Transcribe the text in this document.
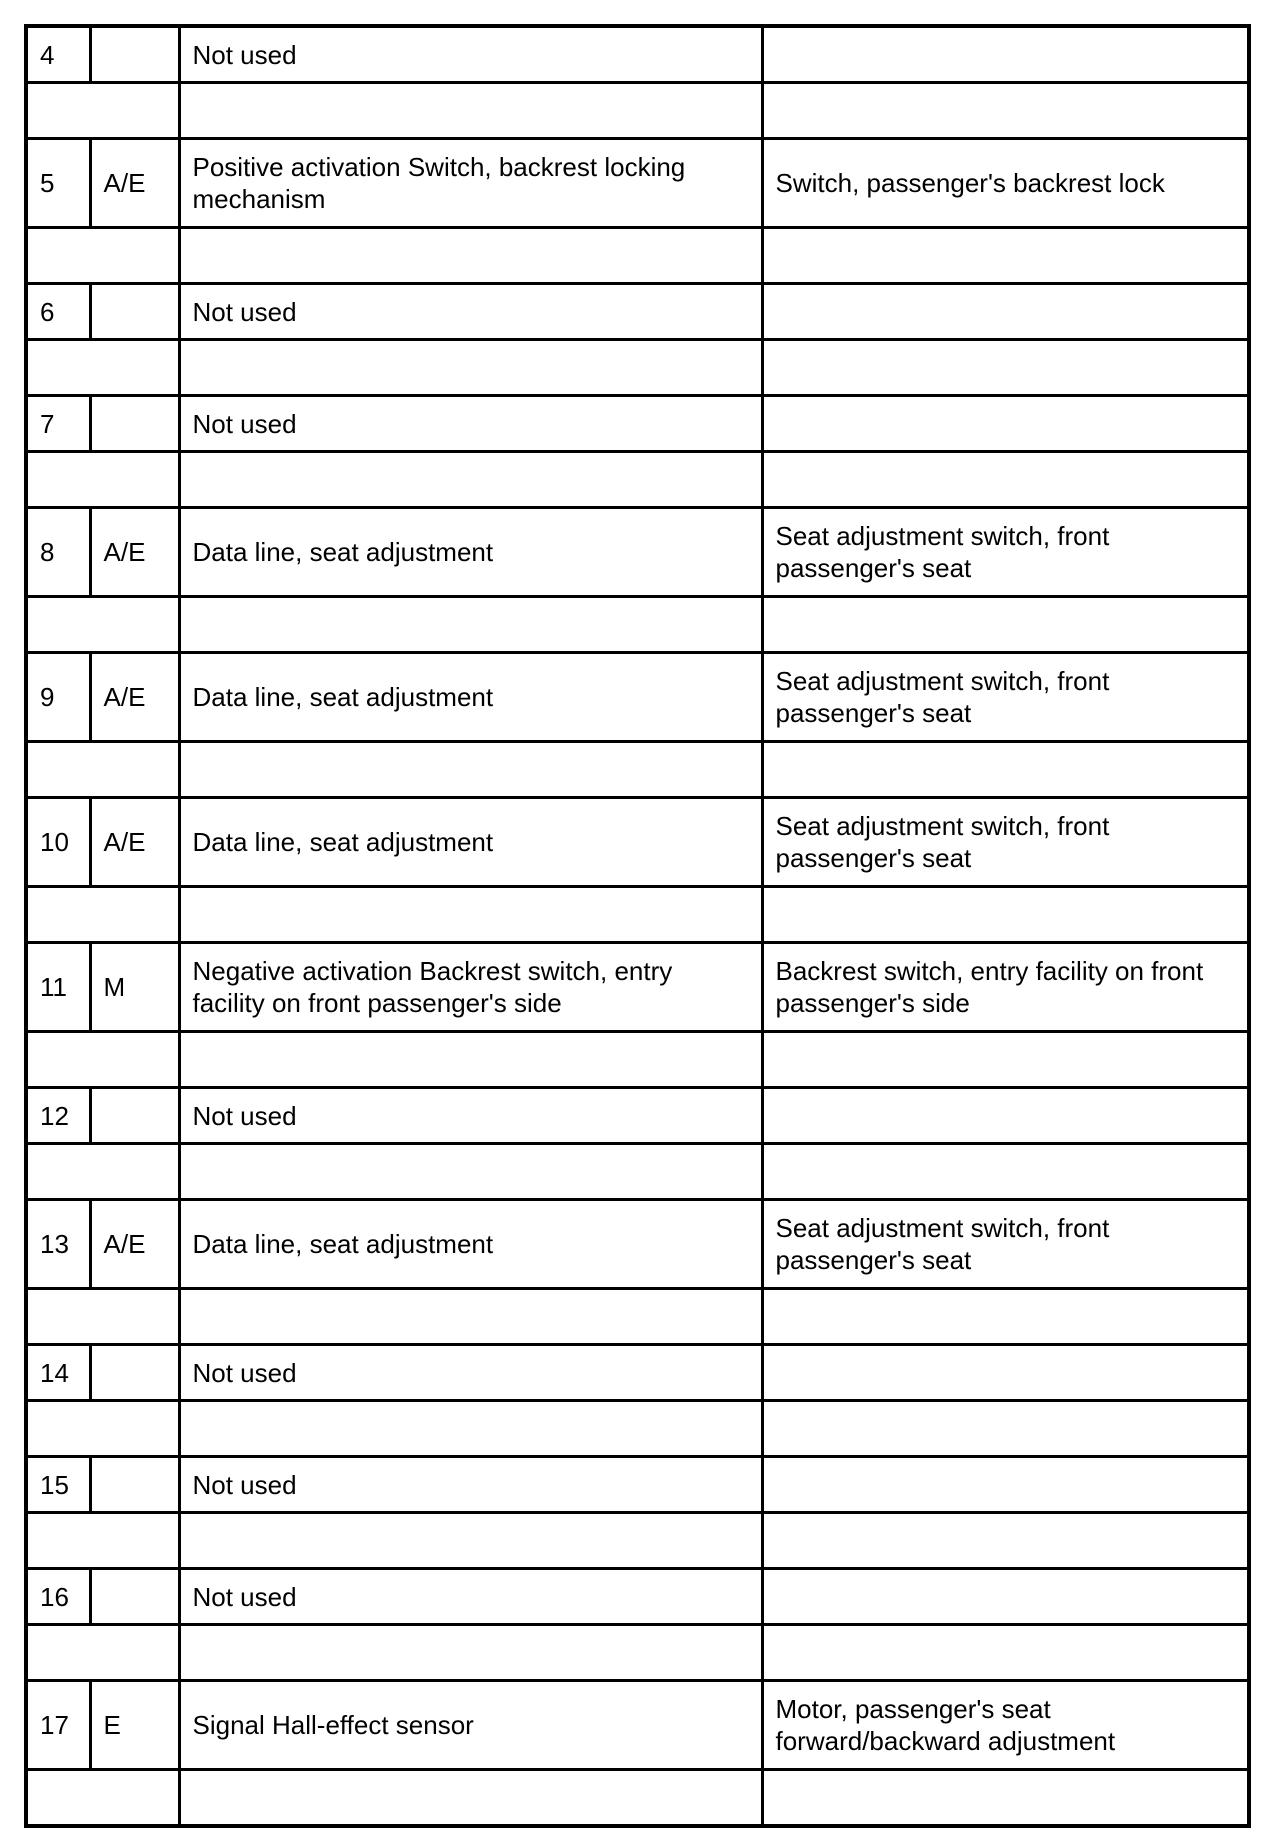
4		Not used	

5	A/E	Positive activation Switch, backrest locking mechanism	Switch, passenger's backrest lock

6		Not used	

7		Not used	

8	A/E	Data line, seat adjustment	Seat adjustment switch, front passenger's seat

9	A/E	Data line, seat adjustment	Seat adjustment switch, front passenger's seat

10	A/E	Data line, seat adjustment	Seat adjustment switch, front passenger's seat

11	M	Negative activation Backrest switch, entry facility on front passenger's side	Backrest switch, entry facility on front passenger's side

12		Not used	

13	A/E	Data line, seat adjustment	Seat adjustment switch, front passenger's seat

14		Not used	

15		Not used	

16		Not used	

17	E	Signal Hall-effect sensor	Motor, passenger's seat forward/backward adjustment
